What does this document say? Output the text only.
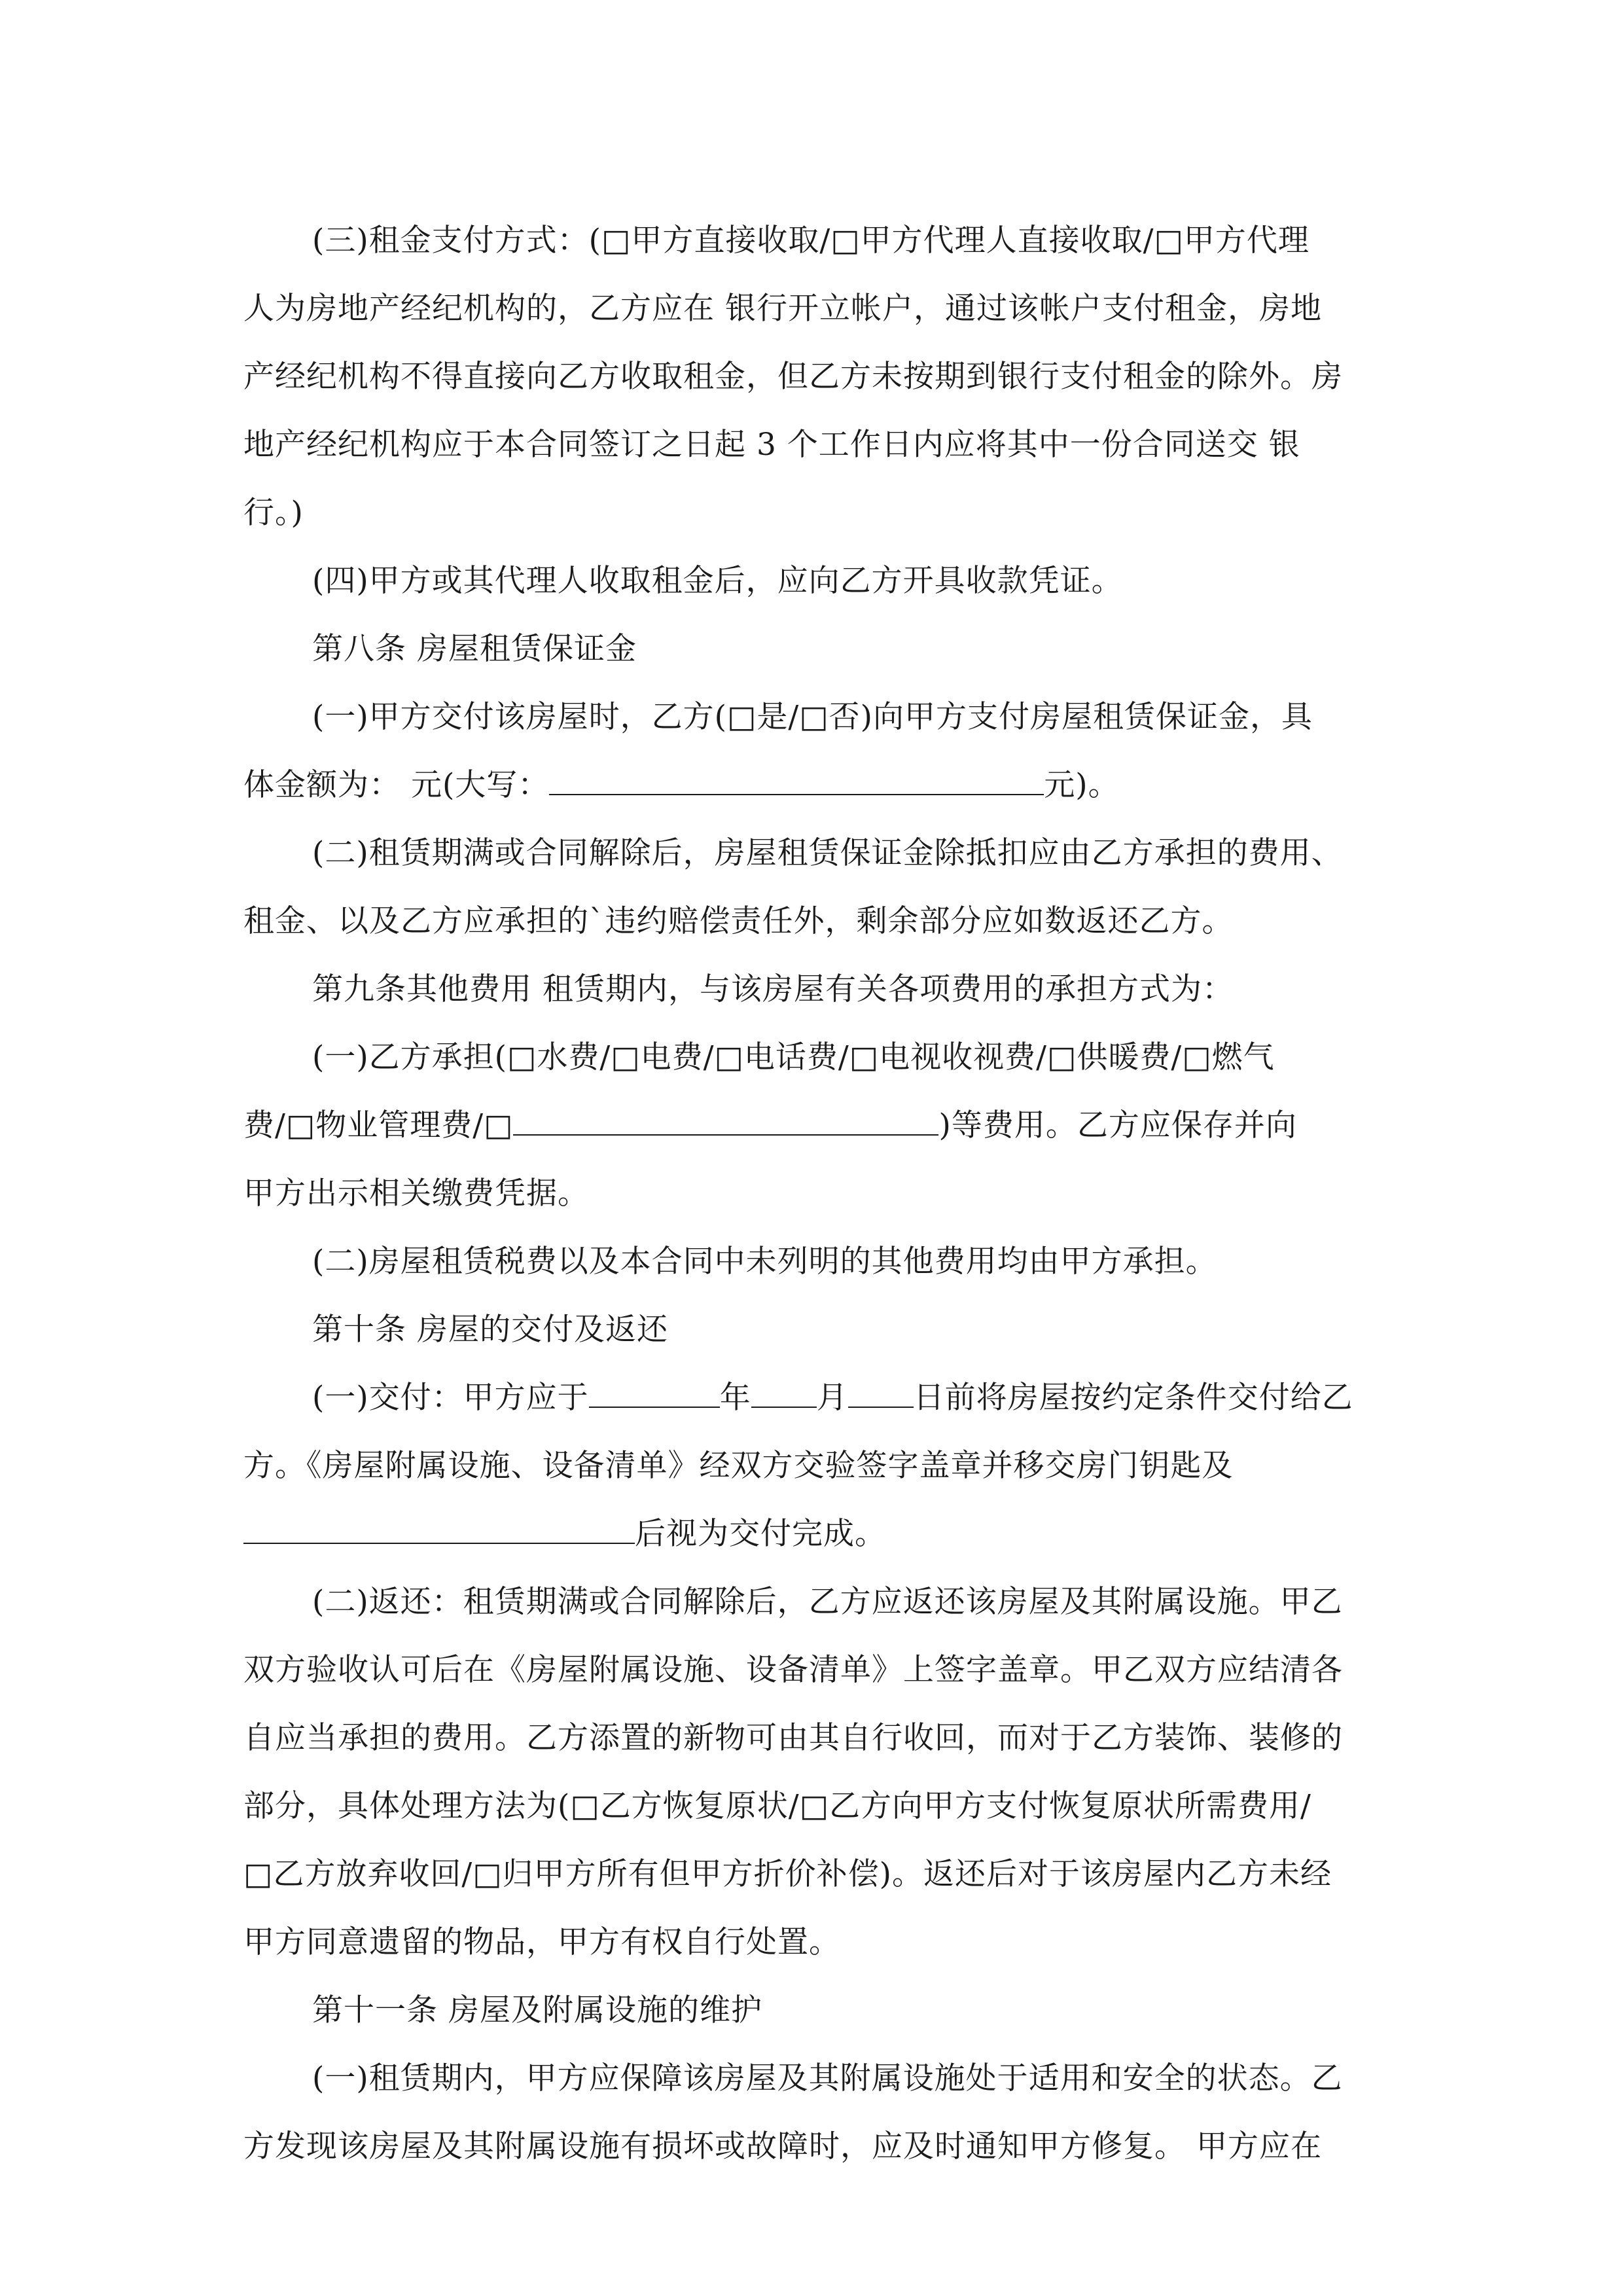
(三)租金支付方式：(□甲方直接收取/□甲方代理人直接收取/□甲方代理
人为房地产经纪机构的，乙方应在 银行开立帐户，通过该帐户支付租金，房地
产经纪机构不得直接向乙方收取租金，但乙方未按期到银行支付租金的除外。房
地产经纪机构应于本合同签订之日起 3 个工作日内应将其中一份合同送交 银
行。)
(四)甲方或其代理人收取租金后，应向乙方开具收款凭证。
第八条 房屋租赁保证金
(一)甲方交付该房屋时，乙方(□是/□否)向甲方支付房屋租赁保证金，具
体金额为： 元(大写：	元)。
(二)租赁期满或合同解除后，房屋租赁保证金除抵扣应由乙方承担的费用、
租金、以及乙方应承担的`违约赔偿责任外，剩余部分应如数返还乙方。
第九条其他费用 租赁期内，与该房屋有关各项费用的承担方式为：
(一)乙方承担(□水费/□电费/□电话费/□电视收视费/□供暖费/□燃气
费/□物业管理费/□	)等费用。乙方应保存并向
甲方出示相关缴费凭据。
(二)房屋租赁税费以及本合同中未列明的其他费用均由甲方承担。
第十条 房屋的交付及返还
(一)交付：甲方应于	年 月 日前将房屋按约定条件交付给乙
方。《房屋附属设施、设备清单》经双方交验签字盖章并移交房门钥匙及
后视为交付完成。
(二)返还：租赁期满或合同解除后，乙方应返还该房屋及其附属设施。甲乙
双方验收认可后在《房屋附属设施、设备清单》上签字盖章。甲乙双方应结清各
自应当承担的费用。乙方添置的新物可由其自行收回，而对于乙方装饰、装修的
部分，具体处理方法为(□乙方恢复原状/□乙方向甲方支付恢复原状所需费用/
□乙方放弃收回/□归甲方所有但甲方折价补偿)。返还后对于该房屋内乙方未经
甲方同意遗留的物品，甲方有权自行处置。
第十一条 房屋及附属设施的维护
(一)租赁期内，甲方应保障该房屋及其附属设施处于适用和安全的状态。乙
方发现该房屋及其附属设施有损坏或故障时，应及时通知甲方修复。 甲方应在
